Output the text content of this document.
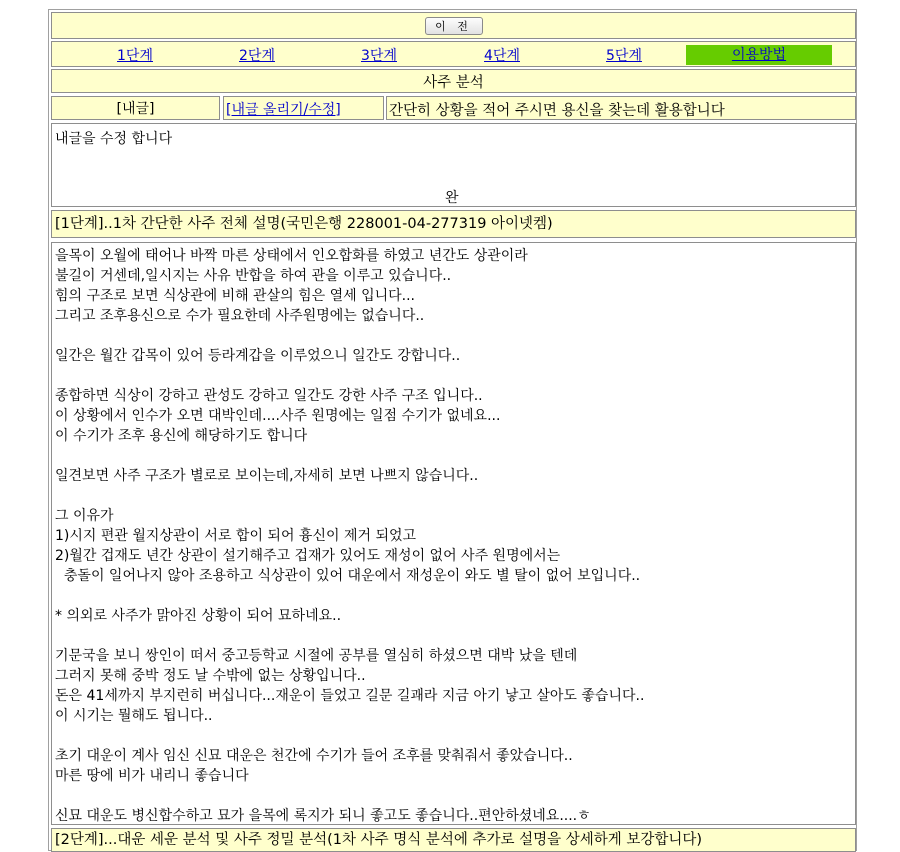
이 전
1단계	2단계	3단계	4단계	5단계	이용방법
사주 분석
[내글]	[내글 올리기/수정]	간단히 상황을 적어 주시면 용신을 찾는데 활용합니다
내글을 수정 합니다
완
[1단계]..1차 간단한 사주 전체 설명(국민은행 228001-04-277319 아이넷켐)
을목이 오월에 태어나 바짝 마른 상태에서 인오합화를 하였고 년간도 상관이라
불길이 거센데,일시지는 사유 반합을 하여 관을 이루고 있습니다..
힘의 구조로 보면 식상관에 비해 관살의 힘은 열세 입니다...
그리고 조후용신으로 수가 필요한데 사주원명에는 없습니다..
일간은 월간 갑목이 있어 등라계갑을 이루었으니 일간도 강합니다..
종합하면 식상이 강하고 관성도 강하고 일간도 강한 사주 구조 입니다..
이 상황에서 인수가 오면 대박인데....사주 원명에는 일점 수기가 없네요...
이 수기가 조후 용신에 해당하기도 합니다
일견보면 사주 구조가 별로로 보이는데,자세히 보면 나쁘지 않습니다..
그 이유가
1)시지 편관 월지상관이 서로 합이 되어 흉신이 제거 되었고
2)월간 겁재도 년간 상관이 설기해주고 겁재가 있어도 재성이 없어 사주 원명에서는
충돌이 일어나지 않아 조용하고 식상관이 있어 대운에서 재성운이 와도 별 탈이 없어 보입니다..
* 의외로 사주가 맑아진 상황이 되어 묘하네요..
기문국을 보니 쌍인이 떠서 중고등학교 시절에 공부를 열심히 하셨으면 대박 났을 텐데
그러지 못해 중박 정도 날 수밖에 없는 상황입니다..
돈은 41세까지 부지런히 버십니다...재운이 들었고 길문 길괘라 지금 아기 낳고 살아도 좋습니다..
이 시기는 뭘해도 됩니다..
초기 대운이 계사 임신 신묘 대운은 천간에 수기가 들어 조후를 맞춰줘서 좋았습니다..
마른 땅에 비가 내리니 좋습니다
신묘 대운도 병신합수하고 묘가 을목에 록지가 되니 좋고도 좋습니다..편안하셨네요....ㅎ
[2단계]...대운 세운 분석 및 사주 정밀 분석(1차 사주 명식 분석에 추가로 설명을 상세하게 보강합니다)
